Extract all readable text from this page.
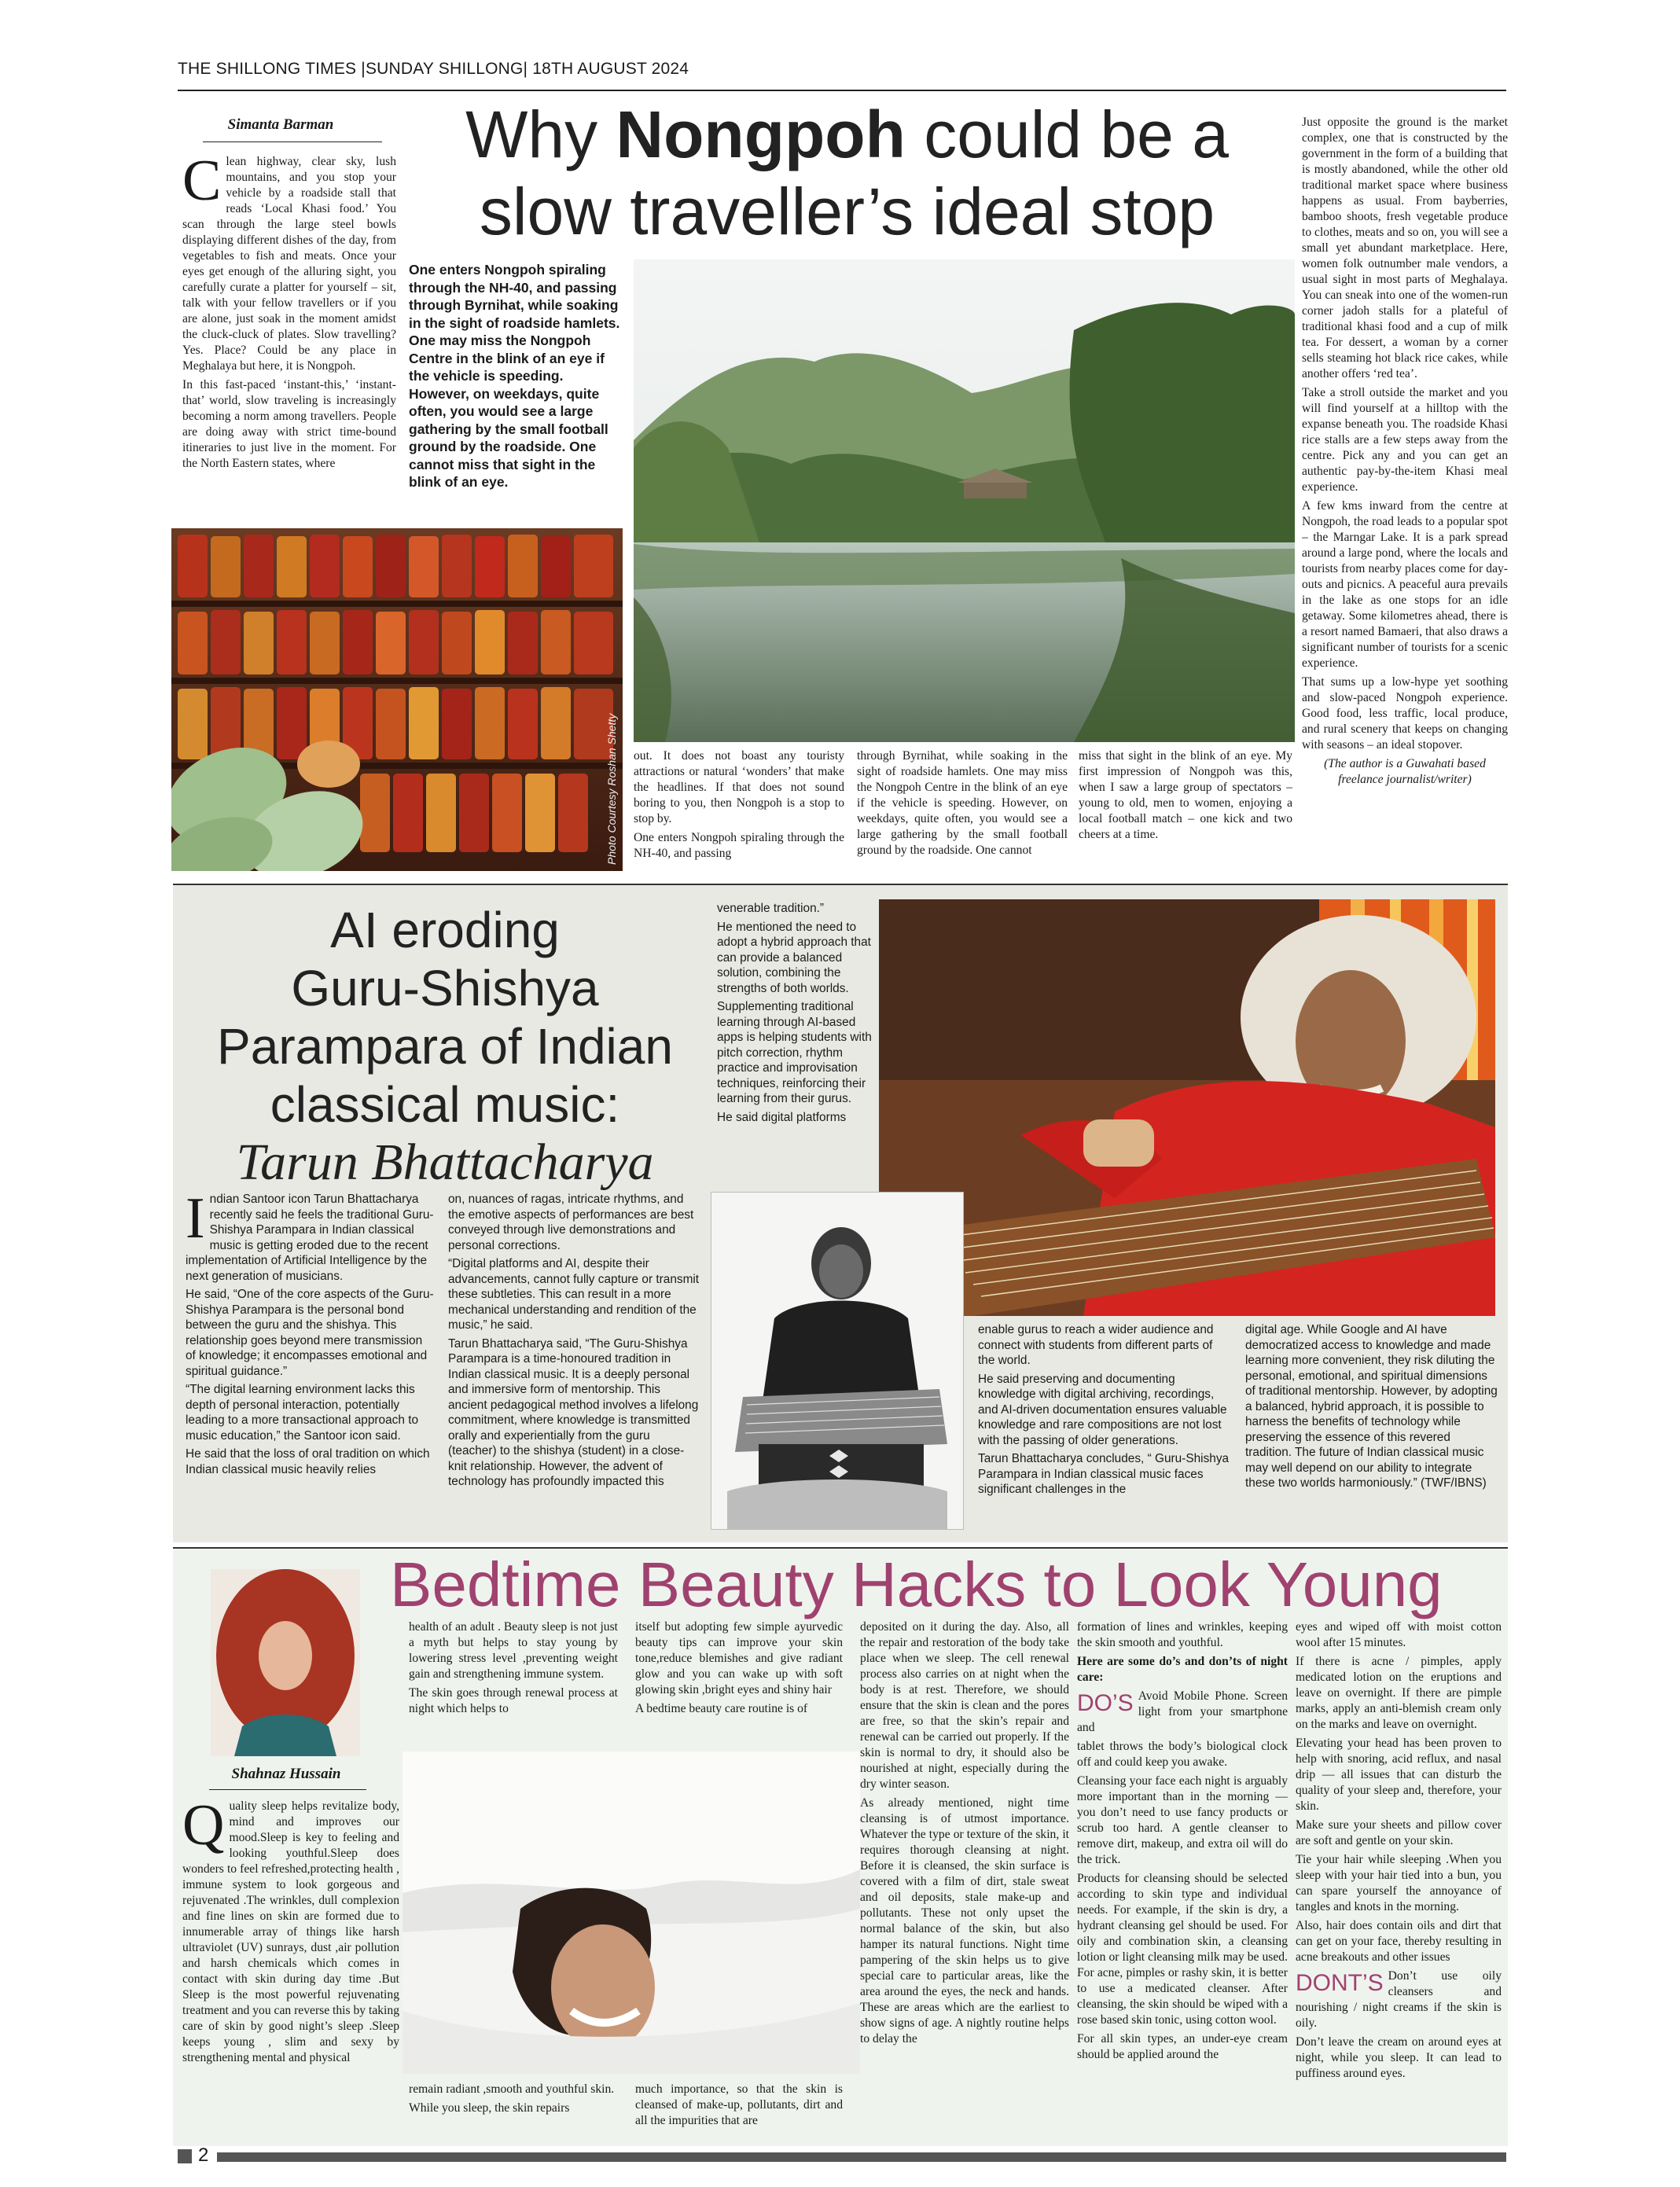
THE SHILLONG TIMES |SUNDAY SHILLONG| 18TH AUGUST 2024
Simanta Barman	Why Nongpoh could be a slow traveller’s ideal stop
C lean highway, clear sky, lush mountains, and you stop your vehicle by a roadside stall that reads ‘Local Khasi food.’ You scan through the large steel bowls displaying different dishes of the day, from vegetables to fish and meats. Once your eyes get enough of the alluring sight, you carefully curate a platter for yourself – sit, talk with your fellow travellers or if you are alone, just soak in the moment amidst the cluck-cluck of plates. Slow travelling? Yes. Place? Could be any place in Meghalaya but here, it is Nongpoh.

In this fast-paced ‘instant-this,’ ‘instant-that’ world, slow traveling is increasingly becoming a norm among travellers. People are doing away with strict time-bound itineraries to just live in the moment. For the North Eastern states, where

One enters Nongpoh spiraling through the NH-40, and passing through Byrnihat, while soaking in the sight of roadside hamlets. One may miss the Nongpoh Centre in the blink of an eye if the vehicle is speeding. However, on weekdays, quite often, you would see a large gathering by the small football ground by the roadside. One cannot miss that sight in the blink of an eye.
Photo Courtesy Roshan Shetty out. It does not boast any touristy attractions or natural ‘wonders’ that make the headlines. If that does not sound boring to you, then Nongpoh is a stop to stop by.

One enters Nongpoh spiraling through the NH-40, and passing

through Byrnihat, while soaking in the sight of roadside hamlets. One may miss the Nongpoh Centre in the blink of an eye if the vehicle is speeding. However, on weekdays, quite often, you would see a large gathering by the small football ground by the roadside. One cannot
miss that sight in the blink of an eye. My first impression of Nongpoh was this, when I saw a large group of spectators – young to old, men to women, enjoying a local football match – one kick and two cheers at a time.

Just opposite the ground is the market complex, one that is constructed by the government in the form of a building that is mostly abandoned, while the other old traditional market space where business happens as usual. From bayberries, bamboo shoots, fresh vegetable produce to clothes, meats and so on, you will see a small yet abundant marketplace. Here, women folk outnumber male vendors, a usual sight in most parts of Meghalaya. You can sneak into one of the women-run corner jadoh stalls for a plateful of traditional khasi food and a cup of milk tea. For dessert, a woman by a corner sells steaming hot black rice cakes, while another offers ‘red tea’.

Take a stroll outside the market and you will find yourself at a hilltop with the expanse beneath you. The roadside Khasi rice stalls are a few steps away from the centre. Pick any and you can get an authentic pay-by-the-item Khasi meal experience.

A few kms inward from the centre at Nongpoh, the road leads to a popular spot – the Marngar Lake. It is a park spread around a large pond, where the locals and tourists from nearby places come for day-outs and picnics. A peaceful aura prevails in the lake as one stops for an idle getaway. Some kilometres ahead, there is a resort named Bamaeri, that also draws a significant number of tourists for a scenic experience.

That sums up a low-hype yet soothing and slow-paced Nongpoh experience. Good food, less traffic, local produce, and rural scenery that keeps on changing with seasons – an ideal stopover.

(The author is a Guwahati based freelance journalist/writer)

AI eroding
Guru-Shishya
Parampara of Indian
classical music:
Tarun Bhattacharya

venerable tradition.”

He mentioned the need to adopt a hybrid approach that can provide a balanced solution, combining the strengths of both worlds.

Supplementing traditional learning through AI-based apps is helping students with pitch correction, rhythm practice and improvisation techniques, reinforcing their learning from their gurus.

He said digital platforms

I ndian Santoor icon Tarun Bhattacharya recently said he feels the traditional Guru-Shishya Parampara in Indian classical music is getting eroded due to the recent implementation of Artificial Intelligence by the next generation of musicians.

He said, “One of the core aspects of the Guru-Shishya Parampara is the personal bond between the guru and the shishya. This relationship goes beyond mere transmission of knowledge; it encompasses emotional and spiritual guidance.”

“The digital learning environment lacks this depth of personal interaction, potentially leading to a more transactional approach to music education,” the Santoor icon said.

He said that the loss of oral tradition on which Indian classical music heavily relies

on, nuances of ragas, intricate rhythms, and the emotive aspects of performances are best conveyed through live demonstrations and personal corrections.

“Digital platforms and AI, despite their advancements, cannot fully capture or transmit these subtleties. This can result in a more mechanical understanding and rendition of the music,” he said.

Tarun Bhattacharya said, “The Guru-Shishya Parampara is a time-honoured tradition in Indian classical music. It is a deeply personal and immersive form of mentorship. This ancient pedagogical method involves a lifelong commitment, where knowledge is transmitted orally and experientially from the guru (teacher) to the shishya (student) in a close-knit relationship. However, the advent of technology has profoundly impacted this

enable gurus to reach a wider audience and connect with students from different parts of the world.

He said preserving and documenting knowledge with digital archiving, recordings, and AI-driven documentation ensures valuable knowledge and rare compositions are not lost with the passing of older generations.

Tarun Bhattacharya concludes, “ Guru-Shishya Parampara in Indian classical music faces significant challenges in the

digital age. While Google and AI have democratized access to knowledge and made learning more convenient, they risk diluting the personal, emotional, and spiritual dimensions of traditional mentorship. However, by adopting a balanced, hybrid approach, it is possible to harness the benefits of technology while preserving the essence of this revered tradition. The future of Indian classical music may well depend on our ability to integrate these two worlds harmoniously.” (TWF/IBNS)
Bedtime Beauty Hacks to Look Young
Shahnaz Hussain
Q uality sleep helps revitalize body, mind and improves our mood.Sleep is key to feeling and looking youthful.Sleep does wonders to feel refreshed,protecting health , immune system to look gorgeous and rejuvenated .The wrinkles, dull complexion and fine lines on skin are formed due to innumerable array of things like harsh ultraviolet (UV) sunrays, dust ,air pollution and harsh chemicals which comes in contact with skin during day time .But Sleep is the most powerful rejuvenating treatment and you can reverse this by taking care of skin by good night’s sleep .Sleep keeps young , slim and sexy by strengthening mental and physical

health of an adult . Beauty sleep is not just a myth but helps to stay young by lowering stress level ,preventing weight gain and strengthening immune system.

The skin goes through renewal process at night which helps to

itself but adopting few simple ayurvedic beauty tips can improve your skin tone,reduce blemishes and give radiant glow and you can wake up with soft glowing skin ,bright eyes and shiny hair

A bedtime beauty care routine is of

remain radiant ,smooth and youthful skin.

While you sleep, the skin repairs

much importance, so that the skin is cleansed of make-up, pollutants, dirt and all the impurities that are

deposited on it during the day. Also, all the repair and restoration of the body take place when we sleep. The cell renewal process also carries on at night when the body is at rest. Therefore, we should ensure that the skin is clean and the pores are free, so that the skin’s repair and renewal can be carried out properly. If the skin is normal to dry, it should also be nourished at night, especially during the dry winter season.

As already mentioned, night time cleansing is of utmost importance. Whatever the type or texture of the skin, it requires thorough cleansing at night. Before it is cleansed, the skin surface is covered with a film of dirt, stale sweat and oil deposits, stale make-up and pollutants. These not only upset the normal balance of the skin, but also hamper its natural functions. Night time pampering of the skin helps us to give special care to particular areas, like the area around the eyes, the neck and hands. These are areas which are the earliest to show signs of age. A nightly routine helps to delay the

formation of lines and wrinkles, keeping the skin smooth and youthful.

Here are some do’s and don’ts of night care:

DO’S Avoid Mobile Phone. Screen light from your smartphone and

tablet throws the body’s biological clock off and could keep you awake.

Cleansing your face each night is arguably more important than in the morning — you don’t need to use fancy products or scrub too hard. A gentle cleanser to remove dirt, makeup, and extra oil will do the trick.

Products for cleansing should be selected according to skin type and individual needs. For example, if the skin is dry, a hydrant cleansing gel should be used. For oily and combination skin, a cleansing lotion or light cleansing milk may be used. For acne, pimples or rashy skin, it is better to use a medicated cleanser. After cleansing, the skin should be wiped with a rose based skin tonic, using cotton wool.

For all skin types, an under-eye cream should be applied around the

eyes and wiped off with moist cotton wool after 15 minutes.

If there is acne / pimples, apply medicated lotion on the eruptions and leave on overnight. If there are pimple marks, apply an anti-blemish cream only on the marks and leave on overnight.

Elevating your head has been proven to help with snoring, acid reflux, and nasal drip — all issues that can disturb the quality of your sleep and, therefore, your skin.

Make sure your sheets and pillow cover are soft and gentle on your skin.

Tie your hair while sleeping .When you sleep with your hair tied into a bun, you can spare yourself the annoyance of tangles and knots in the morning.

Also, hair does contain oils and dirt that can get on your face, thereby resulting in acne breakouts and other issues

DONT’S Don’t use oily cleansers and nourishing / night creams if the skin is oily.

Don’t leave the cream on around eyes at night, while you sleep. It can lead to puffiness around eyes.

2
